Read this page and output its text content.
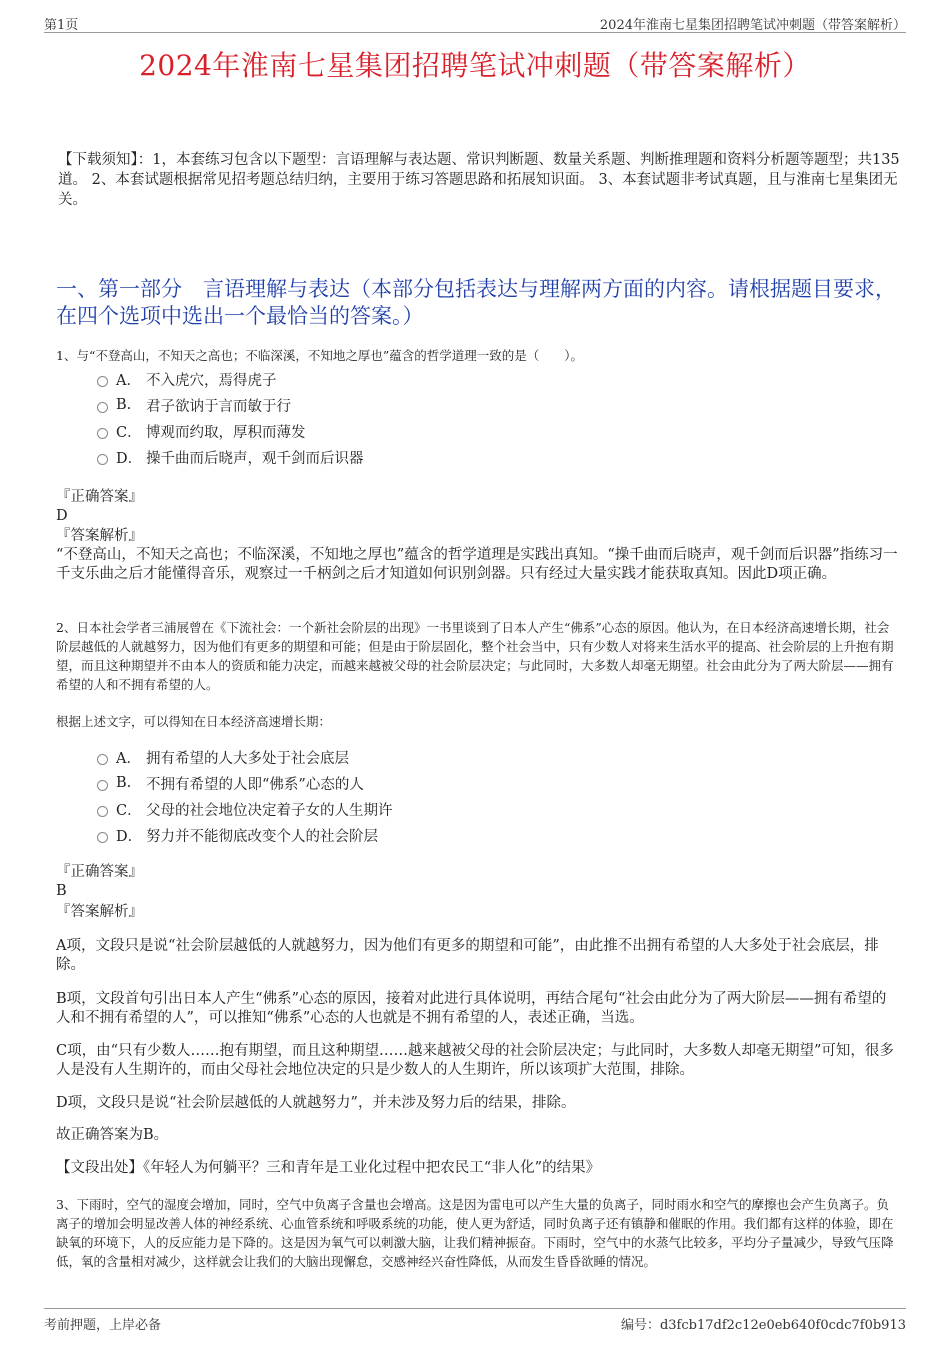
第1页	2024年淮南七星集团招聘笔试冲刺题（带答案解析）
2024年淮南七星集团招聘笔试冲刺题（带答案解析）
【下载须知】：1，本套练习包含以下题型：言语理解与表达题、常识判断题、数量关系题、判断推理题和资料分析题等题型；共135道。 2、本套试题根据常见招考题总结归纳，主要用于练习答题思路和拓展知识面。 3、本套试题非考试真题，且与淮南七星集团无关。
一、第一部分　言语理解与表达（本部分包括表达与理解两方面的内容。请根据题目要求，在四个选项中选出一个最恰当的答案。）
1、与“不登高山，不知天之高也；不临深溪，不知地之厚也”蕴含的哲学道理一致的是（　　）。
A． 不入虎穴，焉得虎子
B.	君子欲讷于言而敏于行
C． 博观而约取，厚积而薄发
D． 操千曲而后晓声，观千剑而后识器
『正确答案』
D
『答案解析』
“不登高山，不知天之高也；不临深溪，不知地之厚也”蕴含的哲学道理是实践出真知。“操千曲而后晓声，观千剑而后识器”指练习一千支乐曲之后才能懂得音乐，观察过一千柄剑之后才知道如何识别剑器。只有经过大量实践才能获取真知。因此D项正确。
2、日本社会学者三浦展曾在《下流社会：一个新社会阶层的出现》一书里谈到了日本人产生“佛系”心态的原因。他认为，在日本经济高速增长期，社会阶层越低的人就越努力，因为他们有更多的期望和可能；但是由于阶层固化，整个社会当中，只有少数人对将来生活水平的提高、社会阶层的上升抱有期望，而且这种期望并不由本人的资质和能力决定，而越来越被父母的社会阶层决定；与此同时，大多数人却毫无期望。社会由此分为了两大阶层——拥有希望的人和不拥有希望的人。
根据上述文字，可以得知在日本经济高速增长期：
A． 拥有希望的人大多处于社会底层
B.	不拥有希望的人即“佛系”心态的人
C． 父母的社会地位决定着子女的人生期许
D． 努力并不能彻底改变个人的社会阶层
『正确答案』
B
『答案解析』
A项，文段只是说“社会阶层越低的人就越努力，因为他们有更多的期望和可能”，由此推不出拥有希望的人大多处于社会底层，排除。
B项，文段首句引出日本人产生“佛系”心态的原因，接着对此进行具体说明，再结合尾句“社会由此分为了两大阶层——拥有希望的人和不拥有希望的人”，可以推知“佛系”心态的人也就是不拥有希望的人，表述正确，当选。
C项，由“只有少数人……抱有期望，而且这种期望……越来越被父母的社会阶层决定；与此同时，大多数人却毫无期望”可知，很多人是没有人生期许的，而由父母社会地位决定的只是少数人的人生期许，所以该项扩大范围，排除。
D项，文段只是说“社会阶层越低的人就越努力”，并未涉及努力后的结果，排除。
故正确答案为B。
【文段出处】《年轻人为何躺平？三和青年是工业化过程中把农民工“非人化”的结果》
3、下雨时，空气的湿度会增加，同时，空气中负离子含量也会增高。这是因为雷电可以产生大量的负离子，同时雨水和空气的摩擦也会产生负离子。负离子的增加会明显改善人体的神经系统、心血管系统和呼吸系统的功能，使人更为舒适，同时负离子还有镇静和催眠的作用。我们都有这样的体验，即在缺氧的环境下，人的反应能力是下降的。这是因为氧气可以刺激大脑，让我们精神振奋。下雨时，空气中的水蒸气比较多，平均分子量减少，导致气压降低，氧的含量相对减少，这样就会让我们的大脑出现懈怠，交感神经兴奋性降低，从而发生昏昏欲睡的情况。
考前押题，上岸必备	编号：d3fcb17df2c12e0eb640f0cdc7f0b913
